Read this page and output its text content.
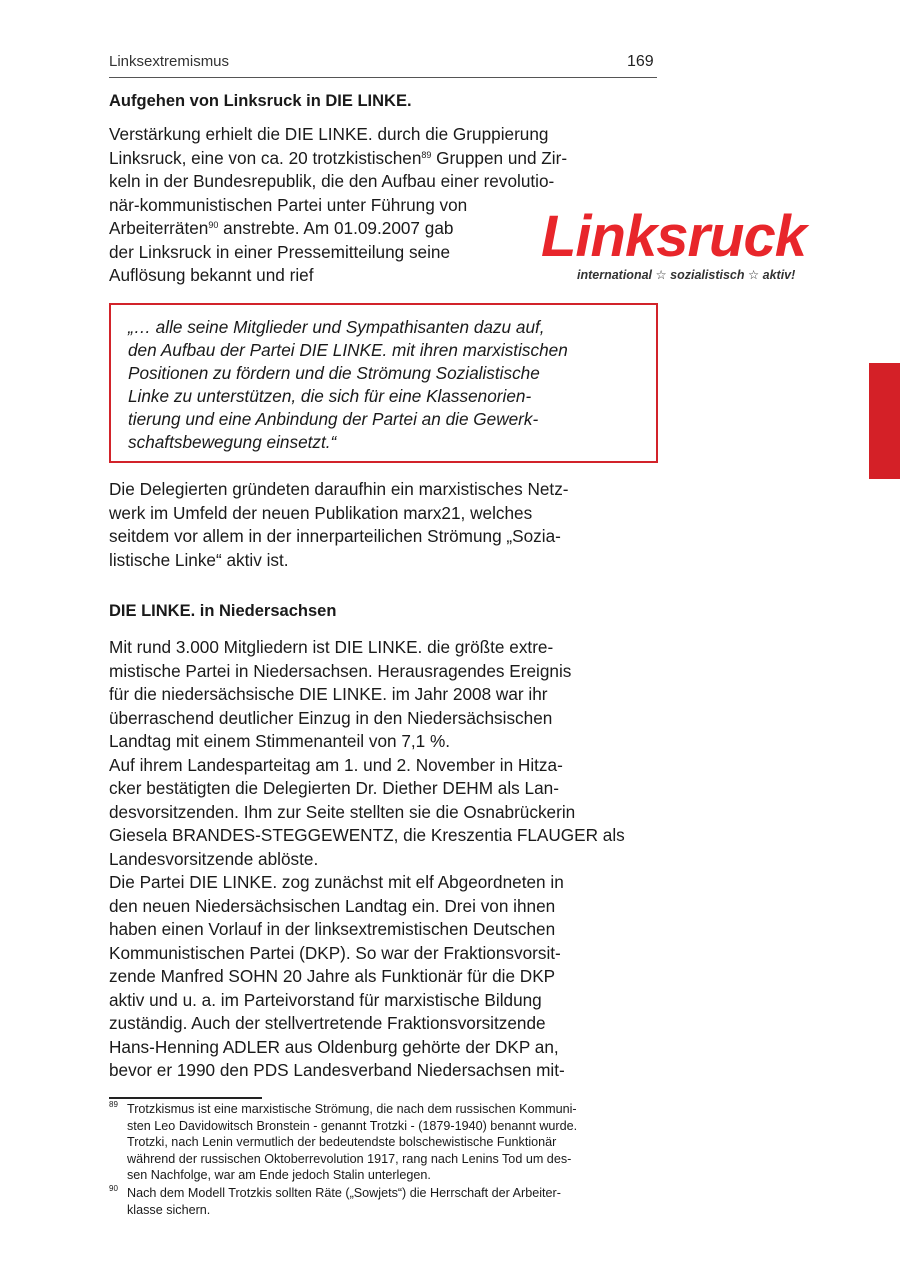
Linksextremismus	169
Aufgehen von Linksruck in DIE LINKE.
Verstärkung erhielt die DIE LINKE. durch die Gruppierung
Linksruck, eine von ca. 20 trotzkistischen$^{89}$ Gruppen und Zir-
keln in der Bundesrepublik, die den Aufbau einer revolutio-
när-kommunistischen Partei unter Führung von
Arbeiterräten$^{90}$ anstrebte. Am 01.09.2007 gab
der Linksruck in einer Pressemitteilung seine
Auflösung bekannt und rief
Linksruck
international ☆ sozialistisch ☆ aktiv!
„… alle seine Mitglieder und Sympathisanten dazu auf,
den Aufbau der Partei DIE LINKE. mit ihren marxistischen
Positionen zu fördern und die Strömung Sozialistische
Linke zu unterstützen, die sich für eine Klassenorien-
tierung und eine Anbindung der Partei an die Gewerk-
schaftsbewegung einsetzt.“
Die Delegierten gründeten daraufhin ein marxistisches Netz-
werk im Umfeld der neuen Publikation marx21, welches
seitdem vor allem in der innerparteilichen Strömung „Sozia-
listische Linke“ aktiv ist.
DIE LINKE. in Niedersachsen
Mit rund 3.000 Mitgliedern ist DIE LINKE. die größte extre-
mistische Partei in Niedersachsen. Herausragendes Ereignis
für die niedersächsische DIE LINKE. im Jahr 2008 war ihr
überraschend deutlicher Einzug in den Niedersächsischen
Landtag mit einem Stimmenanteil von 7,1 %.
Auf ihrem Landesparteitag am 1. und 2. November in Hitza-
cker bestätigten die Delegierten Dr. Diether DEHM als Lan-
desvorsitzenden. Ihm zur Seite stellten sie die Osnabrückerin
Giesela BRANDES-STEGGEWENTZ, die Kreszentia FLAUGER als
Landesvorsitzende ablöste.
Die Partei DIE LINKE. zog zunächst mit elf Abgeordneten in
den neuen Niedersächsischen Landtag ein. Drei von ihnen
haben einen Vorlauf in der linksextremistischen Deutschen
Kommunistischen Partei (DKP). So war der Fraktionsvorsit-
zende Manfred SOHN 20 Jahre als Funktionär für die DKP
aktiv und u. a. im Parteivorstand für marxistische Bildung
zuständig. Auch der stellvertretende Fraktionsvorsitzende
Hans-Henning ADLER aus Oldenburg gehörte der DKP an,
bevor er 1990 den PDS Landesverband Niedersachsen mit-
89 Trotzkismus ist eine marxistische Strömung, die nach dem russischen Kommuni-
sten Leo Davidowitsch Bronstein - genannt Trotzki - (1879-1940) benannt wurde.
Trotzki, nach Lenin vermutlich der bedeutendste bolschewistische Funktionär
während der russischen Oktoberrevolution 1917, rang nach Lenins Tod um des-
sen Nachfolge, war am Ende jedoch Stalin unterlegen.
90 Nach dem Modell Trotzkis sollten Räte („Sowjets“) die Herrschaft der Arbeiter-
klasse sichern.
